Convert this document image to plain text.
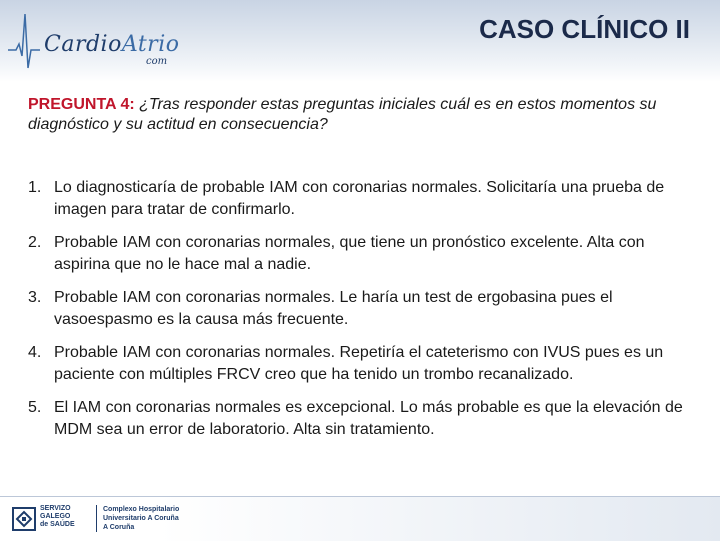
CardioAtrio
com
CASO CLÍNICO II
PREGUNTA 4: ¿Tras responder estas preguntas iniciales cuál es en estos momentos su diagnóstico y su actitud en consecuencia?
1. Lo diagnosticaría de probable IAM con coronarias normales. Solicitaría una prueba de imagen para tratar de confirmarlo.
2. Probable IAM con coronarias normales, que tiene un pronóstico excelente. Alta con aspirina que no le hace mal a nadie.
3. Probable IAM con coronarias normales. Le haría un test de ergobasina pues el vasoespasmo es la causa más frecuente.
4. Probable IAM con coronarias normales. Repetiría el cateterismo con IVUS pues es un paciente con múltiples FRCV creo que ha tenido un trombo recanalizado.
5. El IAM con coronarias normales es excepcional. Lo más probable es que la elevación de MDM sea un error de laboratorio. Alta sin tratamiento.
SERVIZO
GALEGO
de SAÚDE
Complexo Hospitalario
Universitario A Coruña
A Coruña
